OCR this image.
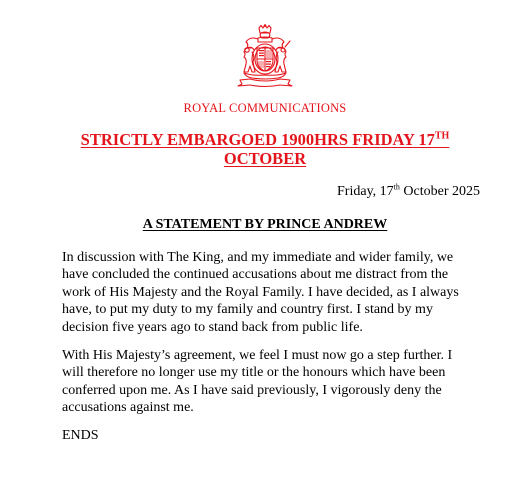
ROYAL COMMUNICATIONS
STRICTLY EMBARGOED 1900HRS FRIDAY 17TH
OCTOBER
Friday, 17th October 2025
A STATEMENT BY PRINCE ANDREW

In discussion with The King, and my immediate and wider family, we have concluded the continued accusations about me distract from the work of His Majesty and the Royal Family. I have decided, as I always have, to put my duty to my family and country first. I stand by my decision five years ago to stand back from public life.

With His Majesty’s agreement, we feel I must now go a step further. I will therefore no longer use my title or the honours which have been conferred upon me. As I have said previously, I vigorously deny the accusations against me.

ENDS
